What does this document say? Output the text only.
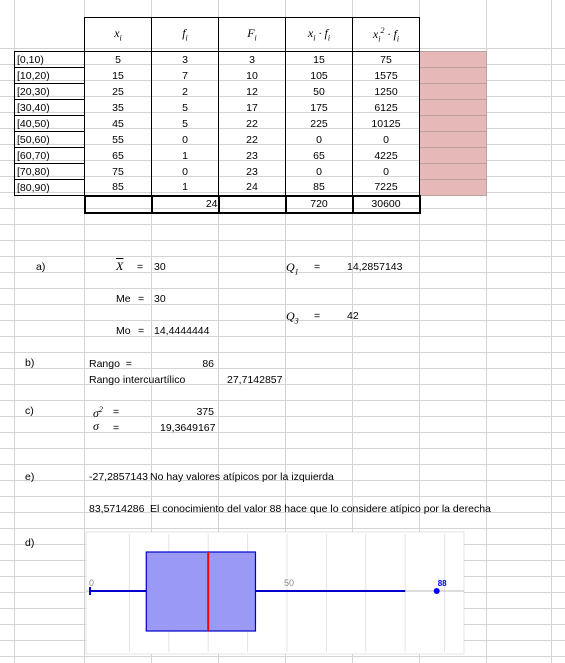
	$x_i$	$f_i$	$F_i$	$x_i \cdot f_i$	$x_i^2 \cdot f_i$	
[0,10)	5	3	3	15	75	
[10,20)	15	7	10	105	1575	
[20,30)	25	2	12	50	1250	
[30,40)	35	5	17	175	6125	
[40,50)	45	5	22	225	10125	
[50,60)	55	0	22	0	0	
[60,70)	65	1	23	65	4225	
[70,80)	75	0	23	0	0	
[80,90)	85	1	24	85	7225	
		24		720	30600	
a)	$\overline{X} = 30$	$Q_1$ =	14,2857143
Me = 30
$Q_3$ =	42
Mo = 14,4444444
b)	Rango =	86
Rango intercuartílico	27,7142857
c)	$\sigma^2$ =	375
σ =	19,3649167
e)	-27,2857143 No hay valores atípicos por la izquierda
83,5714286 El conocimiento del valor 88 hace que lo considere atípico por la derecha
d)
0	50	88
